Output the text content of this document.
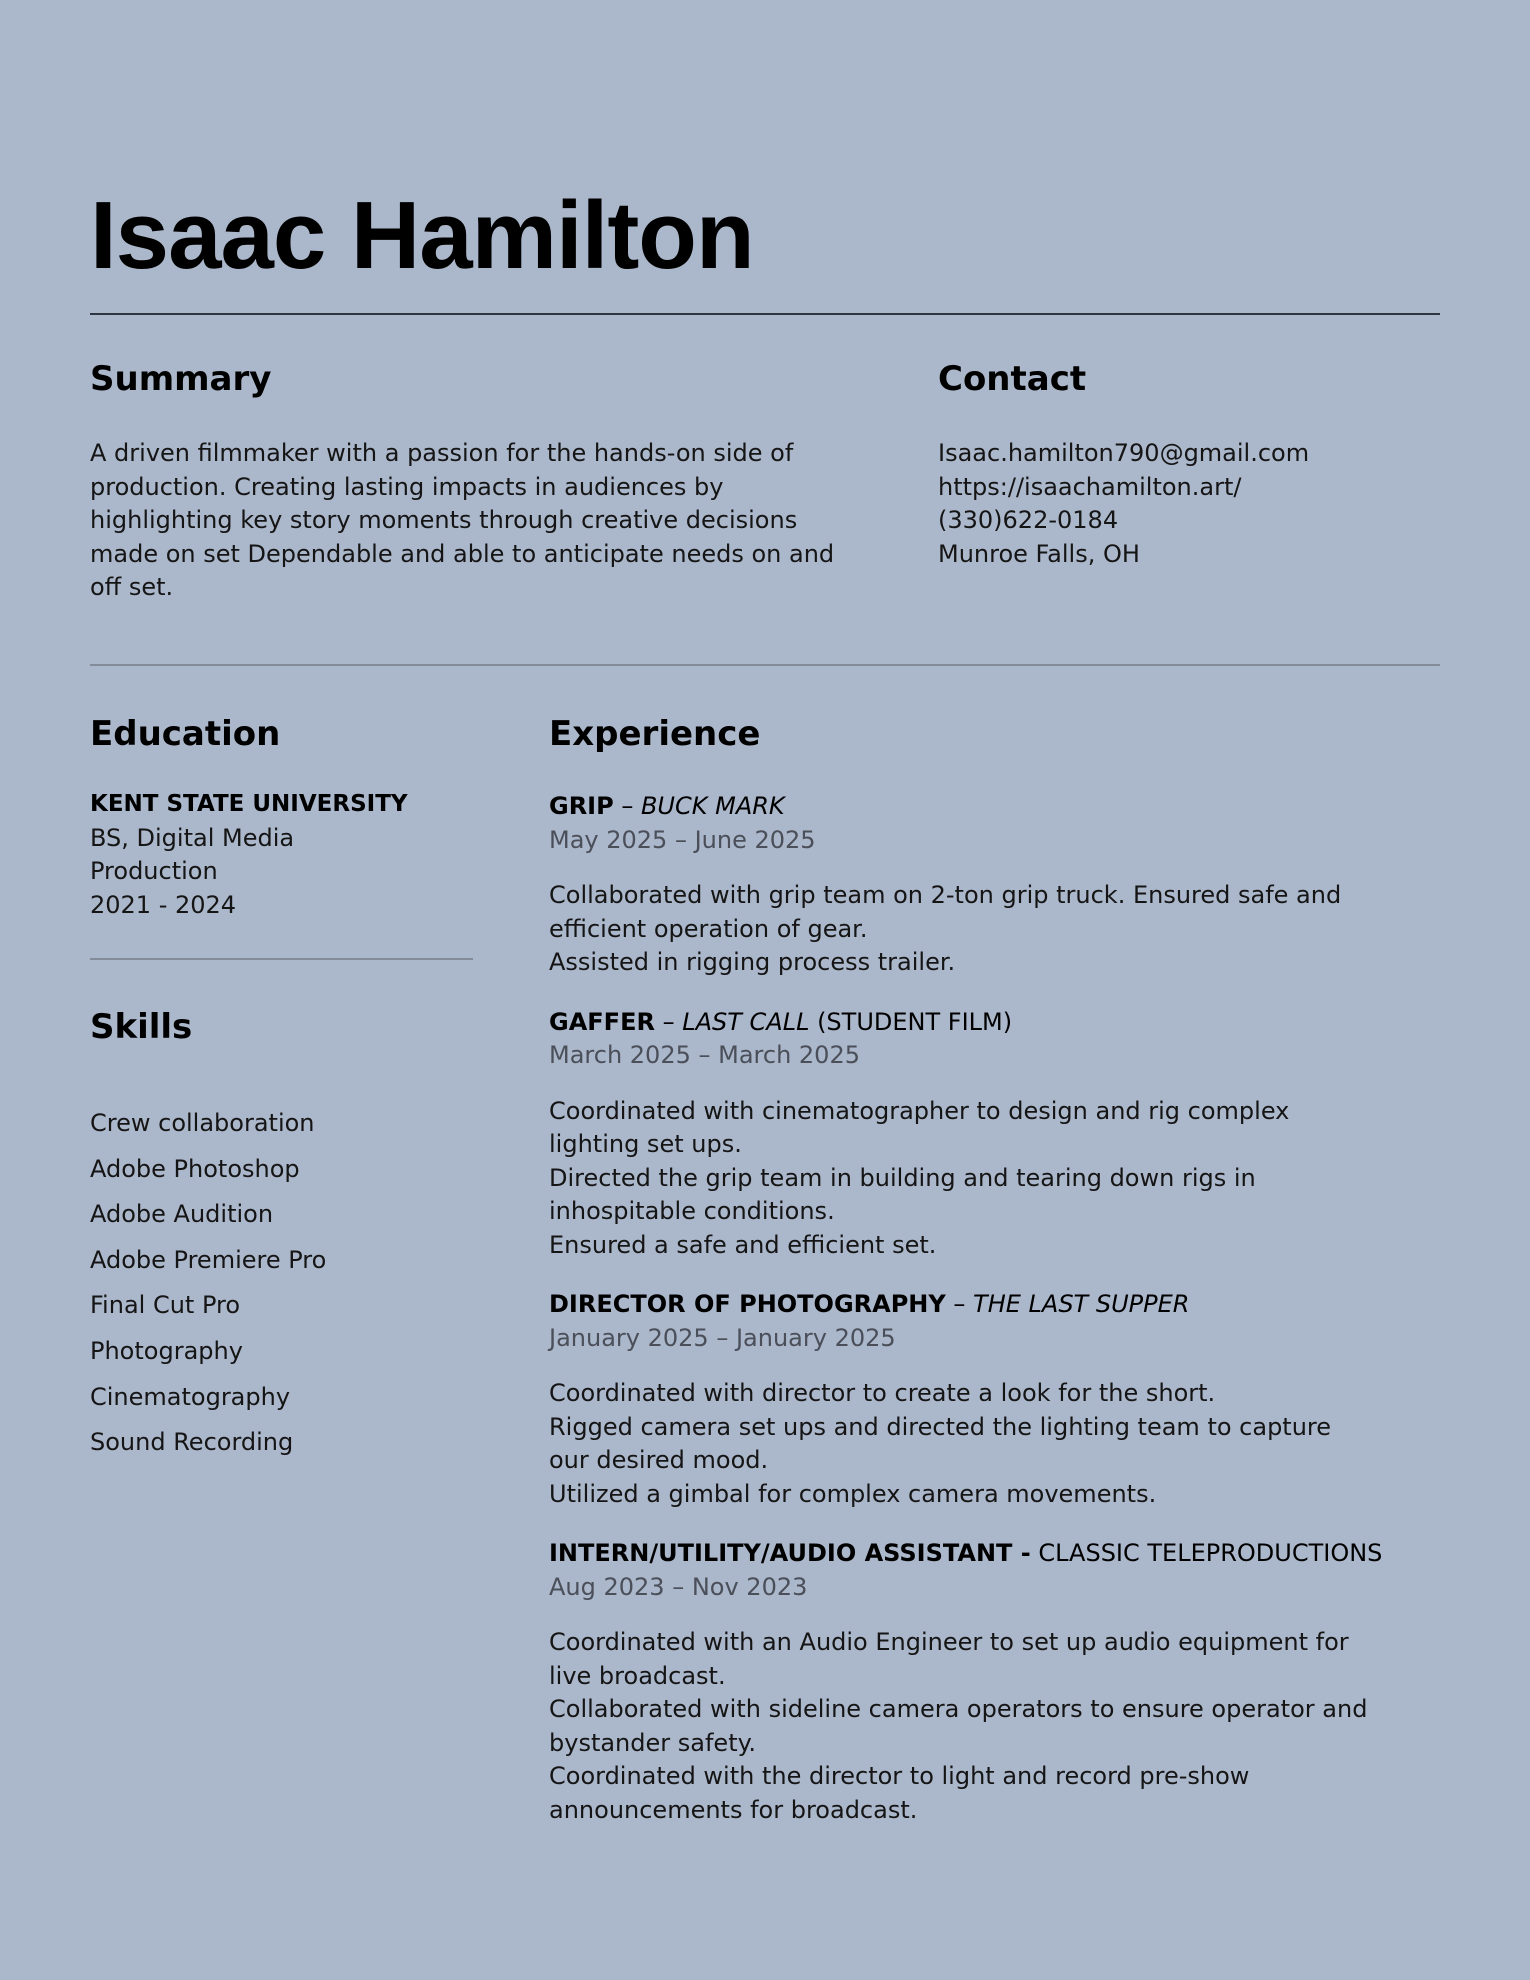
Isaac Hamilton
Summary

A driven filmmaker with a passion for the hands-on side of production. Creating lasting impacts in audiences by highlighting key story moments through creative decisions made on set Dependable and able to anticipate needs on and off set.

Contact
Isaac.hamilton790@gmail.com
https://isaachamilton.art/
(330)622-0184
Munroe Falls, OH
Education
KENT STATE UNIVERSITY
BS, Digital Media Production
2021 - 2024
Skills
Crew collaboration
Adobe Photoshop
Adobe Audition
Adobe Premiere Pro
Final Cut Pro
Photography
Cinematography
Sound Recording
Experience
GRIP – BUCK MARK
May 2025 – June 2025
Collaborated with grip team on 2-ton grip truck. Ensured safe and efficient operation of gear.
Assisted in rigging process trailer.
GAFFER – LAST CALL (STUDENT FILM)
March 2025 – March 2025
Coordinated with cinematographer to design and rig complex lighting set ups.
Directed the grip team in building and tearing down rigs in inhospitable conditions.
Ensured a safe and efficient set.
DIRECTOR OF PHOTOGRAPHY – THE LAST SUPPER
January 2025 – January 2025
Coordinated with director to create a look for the short.
Rigged camera set ups and directed the lighting team to capture our desired mood.
Utilized a gimbal for complex camera movements.
INTERN/UTILITY/AUDIO ASSISTANT - CLASSIC TELEPRODUCTIONS
Aug 2023 – Nov 2023
Coordinated with an Audio Engineer to set up audio equipment for live broadcast.
Collaborated with sideline camera operators to ensure operator and bystander safety.
Coordinated with the director to light and record pre-show announcements for broadcast.
